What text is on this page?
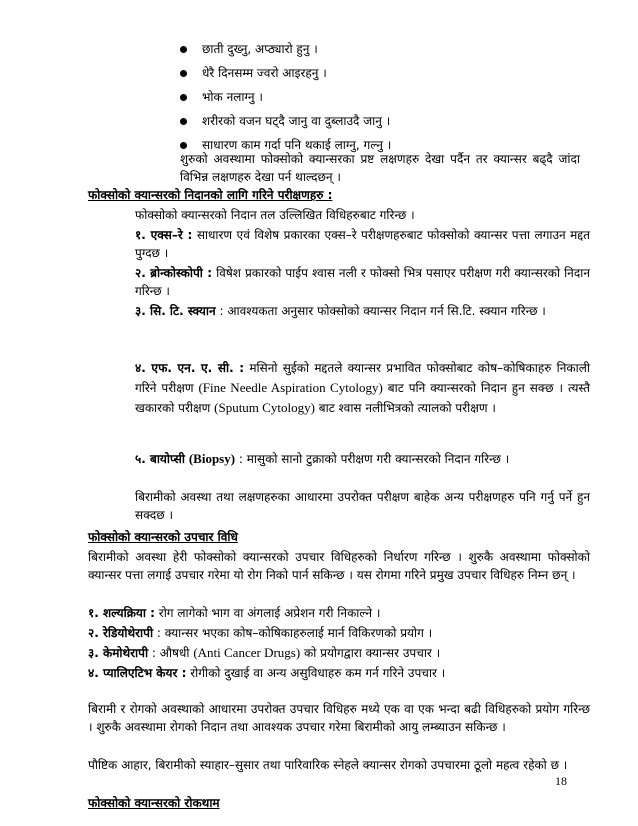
छाती दुख्नु, अप्ठ्यारो हुनु ।
धेरै दिनसम्म ज्वरो आइरहनु ।
भोक नलाग्नु ।
शरीरको वजन घट्दै जानु वा दुब्लाउदै जानु ।
साधारण काम गर्दा पनि थकाई लाग्नु, गल्नु ।

शुरुको अवस्थामा फोक्सोको क्यान्सरका प्रष्ट लक्षणहरु देखा पर्दैन तर क्यान्सर बढ्दै जांदा विभिन्न लक्षणहरु देखा पर्न थाल्दछन् ।

फोक्सोको क्यान्सरको निदानको लागि गरिने परीक्षणहरु :

फोक्सोको क्यान्सरको निदान तल उल्लिखित विधिहरुबाट गरिन्छ ।

१. एक्स–रे : साधारण एवं विशेष प्रकारका एक्स–रे परीक्षणहरुबाट फोक्सोको क्यान्सर पत्ता लगाउन मद्दत पुग्दछ ।

२. ब्रोन्कोस्कोपी : विषेश प्रकारको पाईप श्वास नली र फोक्सो भित्र पसाएर परीक्षण गरी क्यान्सरको निदान गरिन्छ ।

३. सि. टि. स्क्यान : आवश्यकता अनुसार फोक्सोको क्यान्सर निदान गर्न सि.टि. स्क्यान गरिन्छ ।

४. एफ. एन. ए. सी. : मसिनो सुईको मद्दतले क्यान्सर प्रभावित फोक्सोबाट कोष–कोषिकाहरु निकाली गरिने परीक्षण (Fine Needle Aspiration Cytology) बाट पनि क्यान्सरको निदान हुन सक्छ । त्यस्तै खकारको परीक्षण (Sputum Cytology) बाट श्वास नलीभित्रको त्यालको परीक्षण ।

५. बायोप्सी (Biopsy) : मासुको सानो टुक्राको परीक्षण गरी क्यान्सरको निदान गरिन्छ ।

बिरामीको अवस्था तथा लक्षणहरुका आधारमा उपरोक्त परीक्षण बाहेक अन्य परीक्षणहरु पनि गर्नु पर्ने हुन सक्दछ ।

फोक्सोको क्यान्सरको उपचार विधि

बिरामीको अवस्था हेरी फोक्सोको क्यान्सरको उपचार विधिहरुको निर्धारण गरिन्छ । शुरुकै अवस्थामा फोक्सोको क्यान्सर पत्ता लगाई उपचार गरेमा यो रोग निको पार्न सकिन्छ । यस रोगमा गरिने प्रमुख उपचार विधिहरु निम्न छन् ।

१. शल्यक्रिया : रोग लागेको भाग वा अंगलाई अप्रेशन गरी निकाल्ने ।

२. रेडियोथेरापी : क्यान्सर भएका कोष–कोषिकाहरुलाई मार्न विकिरणको प्रयोग ।

३. केमोथेरापी : औषधी (Anti Cancer Drugs) को प्रयोगद्वारा क्यान्सर उपचार ।

४. प्यालिएटिभ केयर : रोगीको दुखाई वा अन्य असुविधाहरु कम गर्न गरिने उपचार ।

बिरामी र रोगको अवस्थाको आधारमा उपरोक्त उपचार विधिहरु मध्ये एक वा एक भन्दा बढी विधिहरुको प्रयोग गरिन्छ । शुरुकै अवस्थामा रोगको निदान तथा आवश्यक उपचार गरेमा बिरामीको आयु लम्ब्याउन सकिन्छ ।

पौष्टिक आहार, बिरामीको स्याहार–सुसार तथा पारिवारिक स्नेहले क्यान्सर रोगको उपचारमा ठूलो महत्व रहेको छ ।

फोक्सोको क्यान्सरको रोकथाम
18
